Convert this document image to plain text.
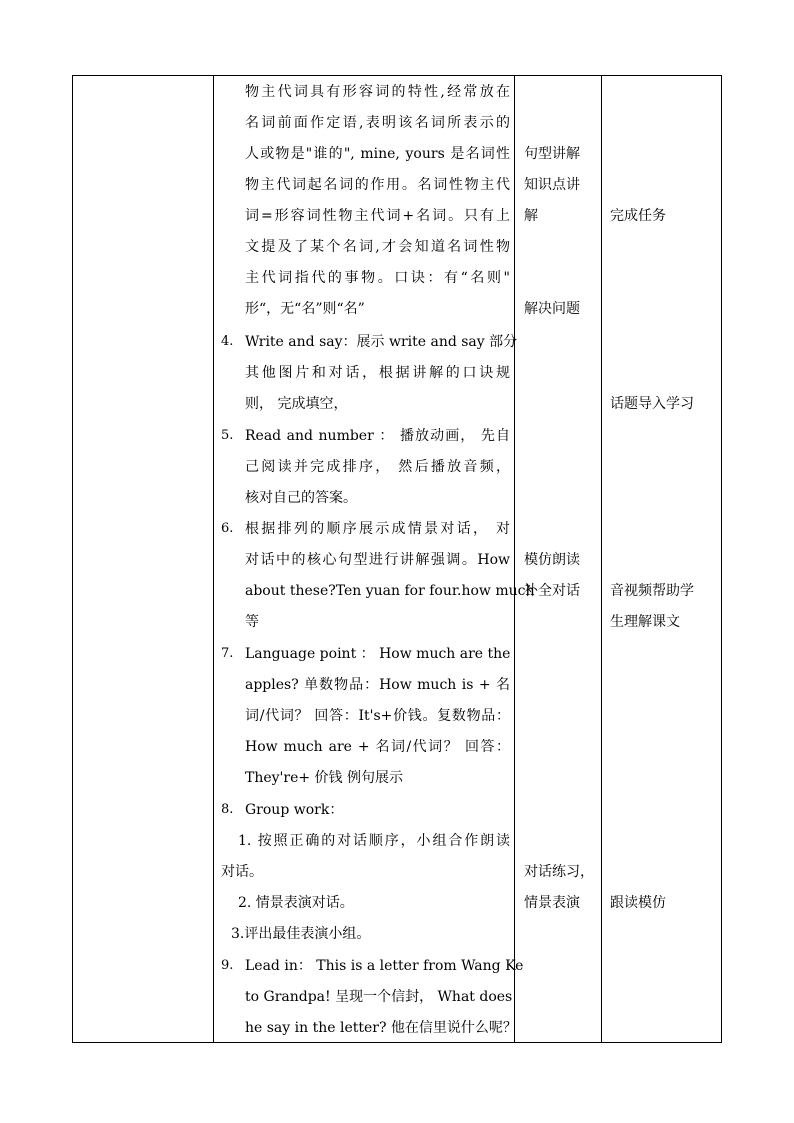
物主代词具有形容词的特性,经常放在
名词前面作定语,表明该名词所表示的
人或物是"谁的", mine, yours 是名词性
物主代词起名词的作用。名词性物主代
词=形容词性物主代词+名词。只有上
文提及了某个名词,才会知道名词性物
主代词指代的事物。口诀：有“名则"
形“，无“名”则“名”
4. Write and say：展示 write and say 部分
其他图片和对话，根据讲解的口诀规
则， 完成填空，
5. Read and number ： 播放动画， 先自
己阅读并完成排序， 然后播放音频，
核对自己的答案。
6. 根据排列的顺序展示成情景对话， 对
对话中的核心句型进行讲解强调。How
about these?Ten yuan for four.how much
等
7. Language point ： How much are the
apples? 单数物品：How much is + 名
词/代词？ 回答：It's+价钱。复数物品：
How much are + 名词/代词？ 回答：
They're+ 价钱 例句展示
8. Group work：
1. 按照正确的对话顺序，小组合作朗读
对话。
2. 情景表演对话。
3.评出最佳表演小组。
9. Lead in： This is a letter from Wang Ke
to Grandpa! 呈现一个信封， What does
he say in the letter? 他在信里说什么呢？
句型讲解
知识点讲
解
解决问题
模仿朗读
补全对话
对话练习，
情景表演
完成任务
话题导入学习
音视频帮助学
生理解课文
跟读模仿
